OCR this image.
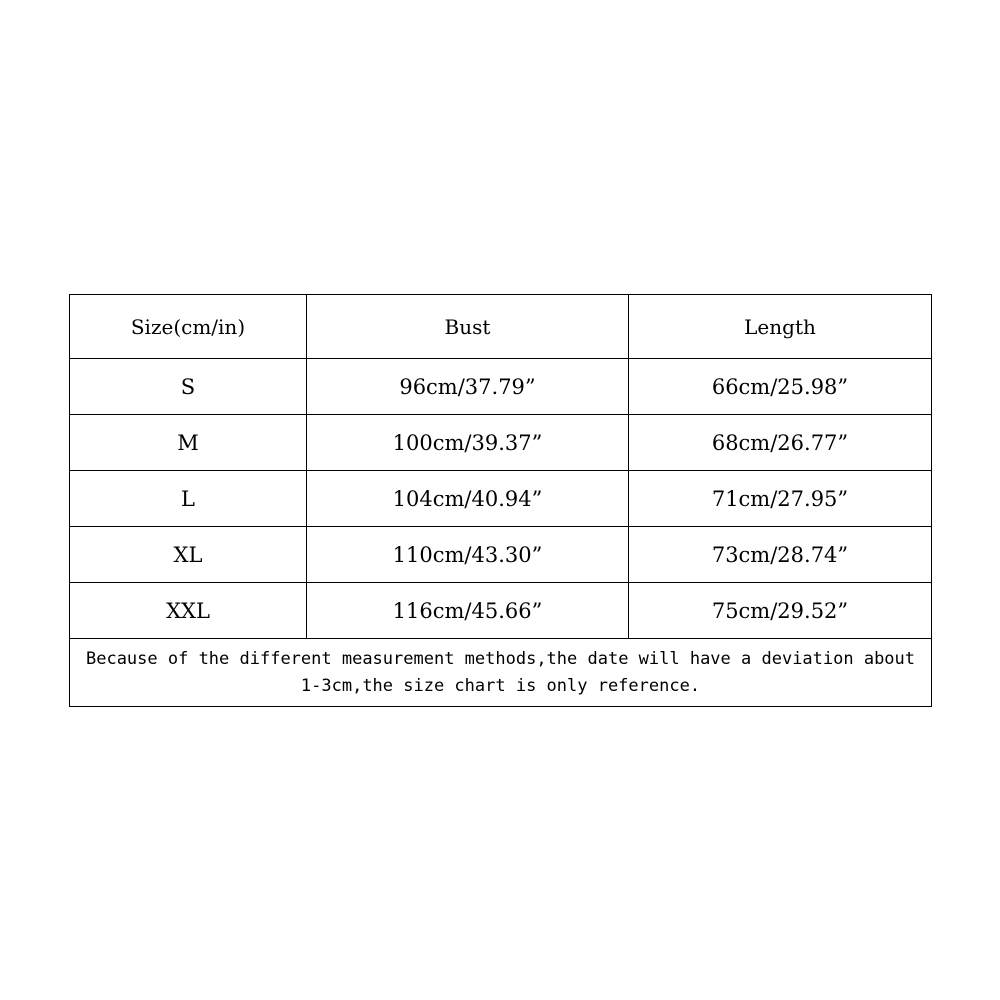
Size(cm/in)	Bust	Length
S	96cm/37.79”	66cm/25.98”
M	100cm/39.37”	68cm/26.77”
L	104cm/40.94”	71cm/27.95”
XL	110cm/43.30”	73cm/28.74”
XXL	116cm/45.66”	75cm/29.52”
Because of the different measurement methods,the date will have a deviation about 1-3cm,the size chart is only reference.		
